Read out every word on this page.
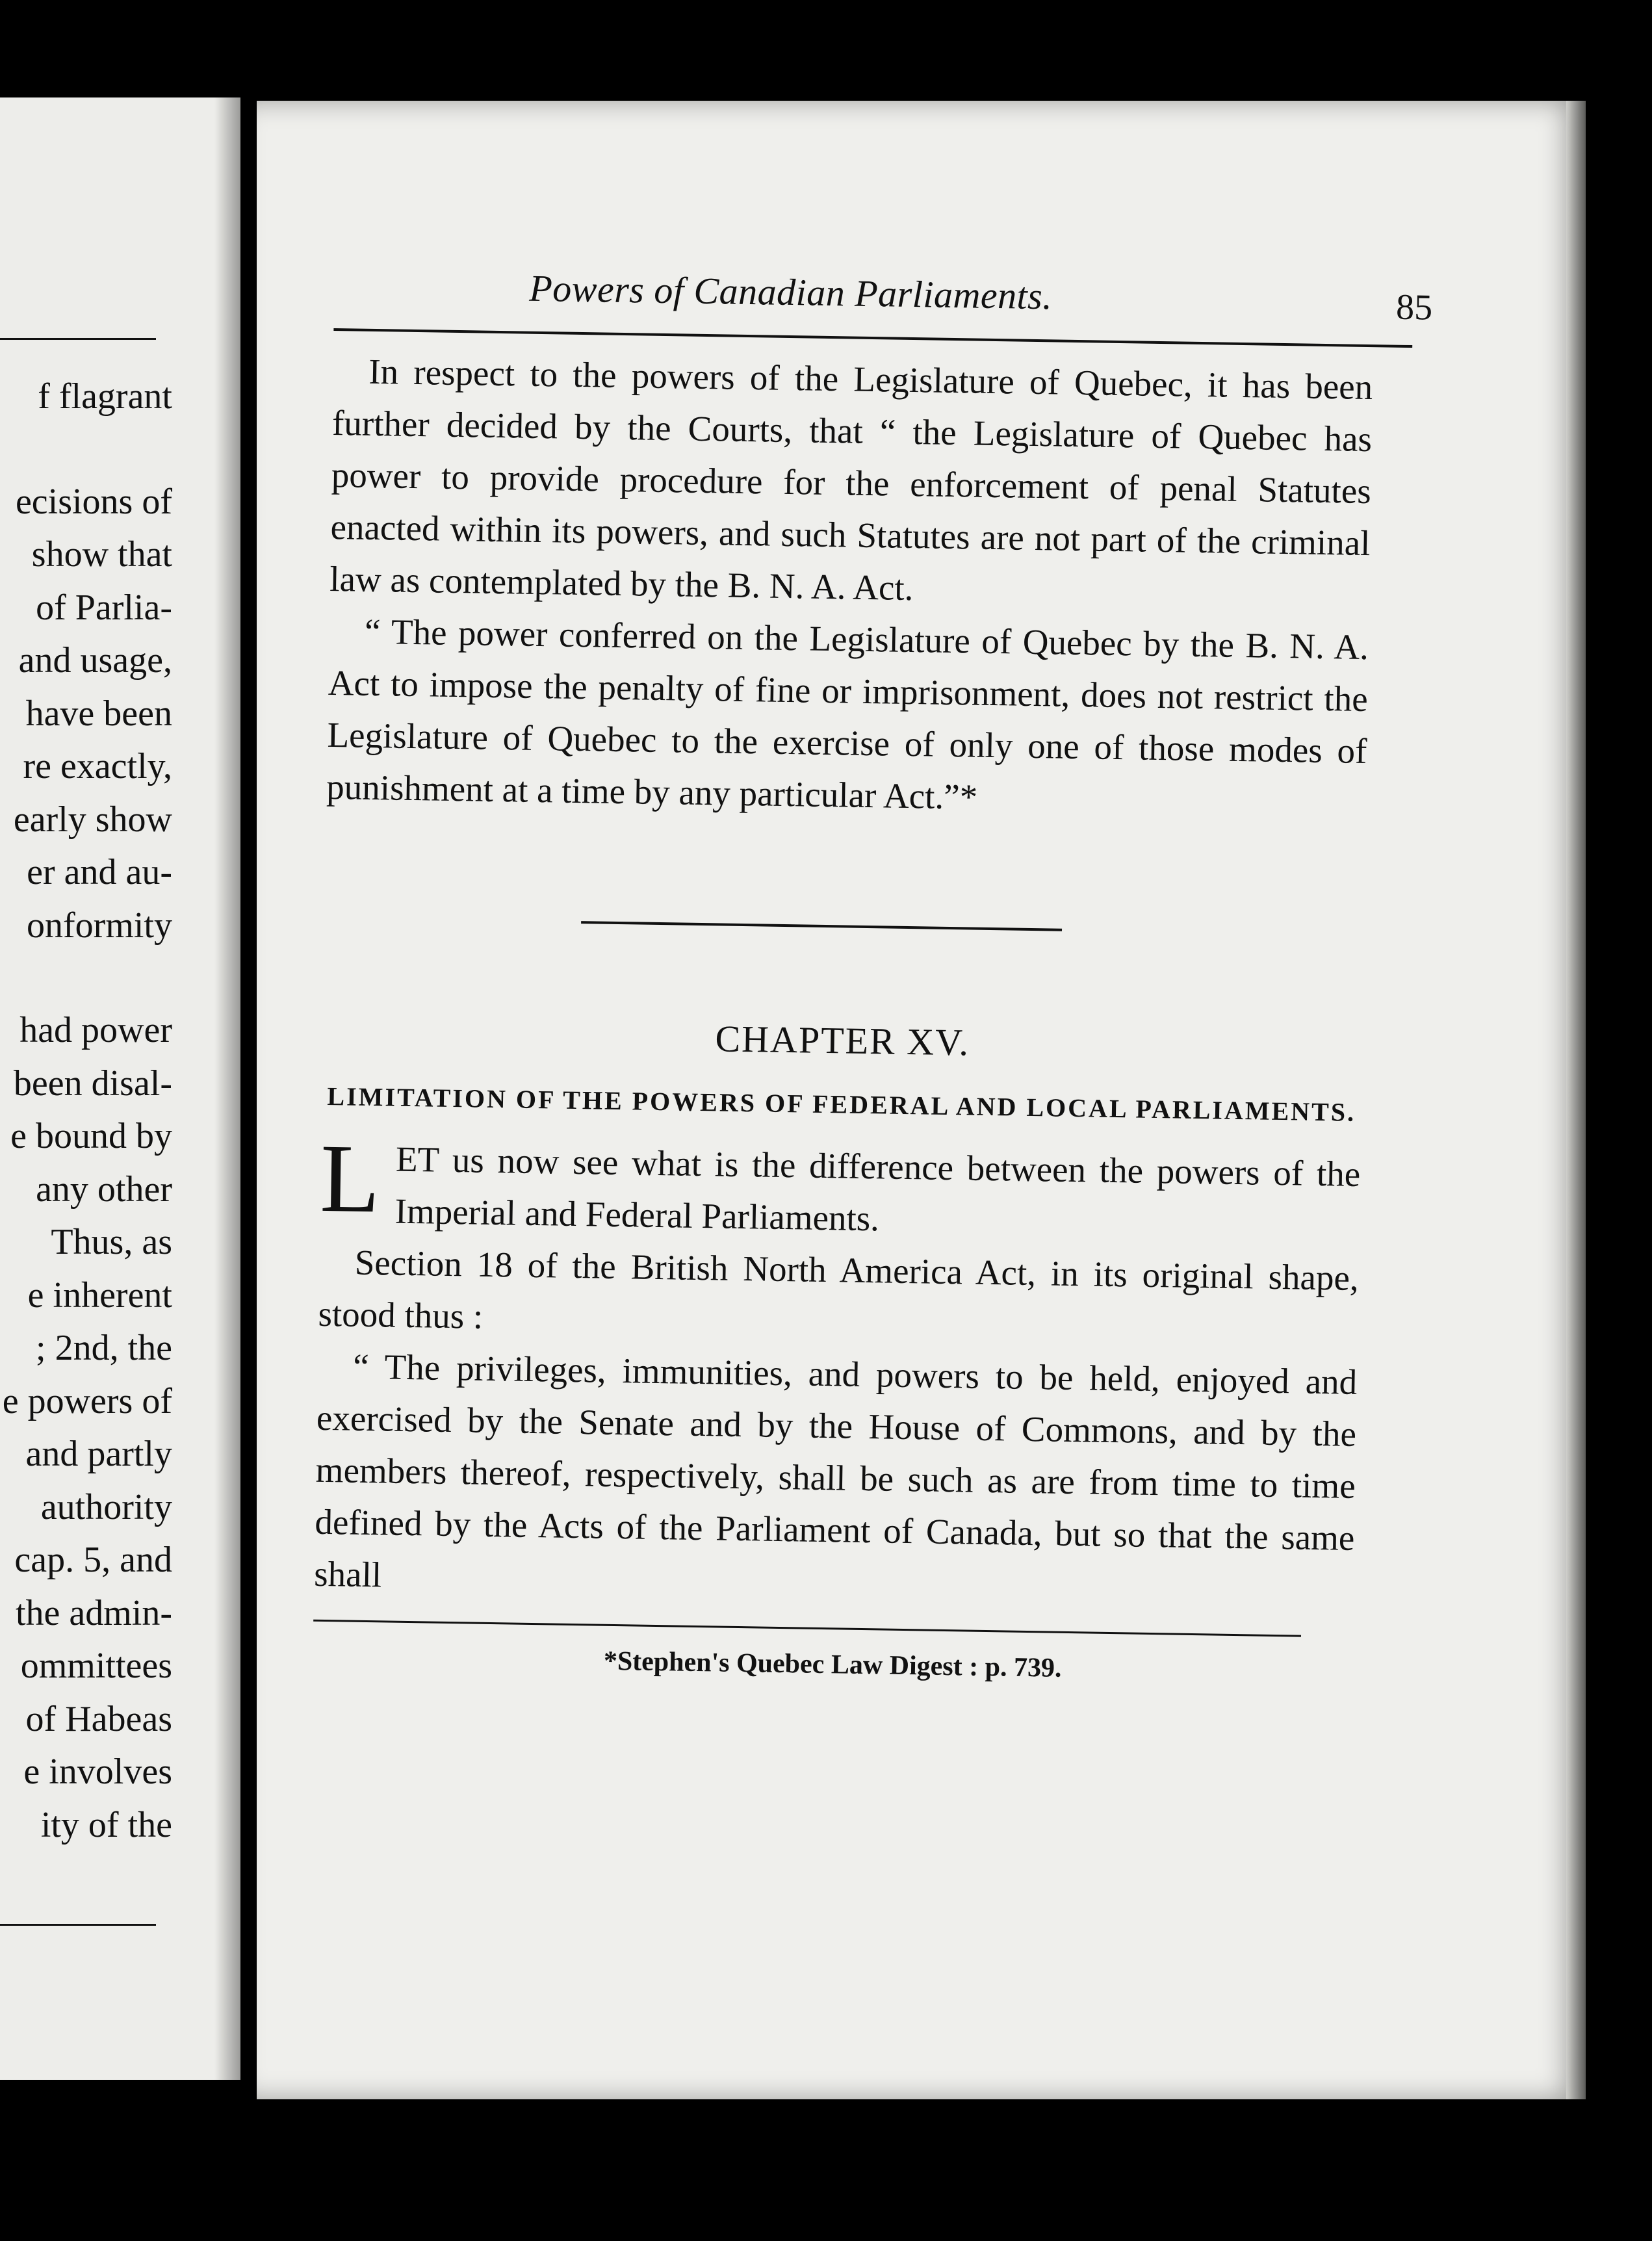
f flagrant
ecisions of
show that
of Parlia-
and usage,
have been
re exactly,
early show
er and au-
onformity
had power
been disal-
e bound by
any other
Thus, as
e inherent
; 2nd, the
e powers of
and partly
authority
cap. 5, and
the admin-
ommittees
of Habeas
e involves
ity of the
Powers of Canadian Parliaments.	85

In respect to the powers of the Legislature of Quebec, it has been further decided by the Courts, that “ the Legislature of Quebec has power to provide procedure for the enforcement of penal Statutes enacted within its powers, and such Statutes are not part of the criminal law as contemplated by the B. N. A. Act.

“ The power conferred on the Legislature of Quebec by the B. N. A. Act to impose the penalty of fine or imprisonment, does not restrict the Legislature of Quebec to the exercise of only one of those modes of punishment at a time by any particular Act.”*

CHAPTER XV.
LIMITATION OF THE POWERS OF FEDERAL AND LOCAL PARLIAMENTS.

LET us now see what is the difference between the powers of the Imperial and Federal Parliaments.

Section 18 of the British North America Act, in its original shape, stood thus :

“ The privileges, immunities, and powers to be held, enjoyed and exercised by the Senate and by the House of Commons, and by the members thereof, respectively, shall be such as are from time to time defined by the Acts of the Parliament of Canada, but so that the same shall

*Stephen's Quebec Law Digest : p. 739.
